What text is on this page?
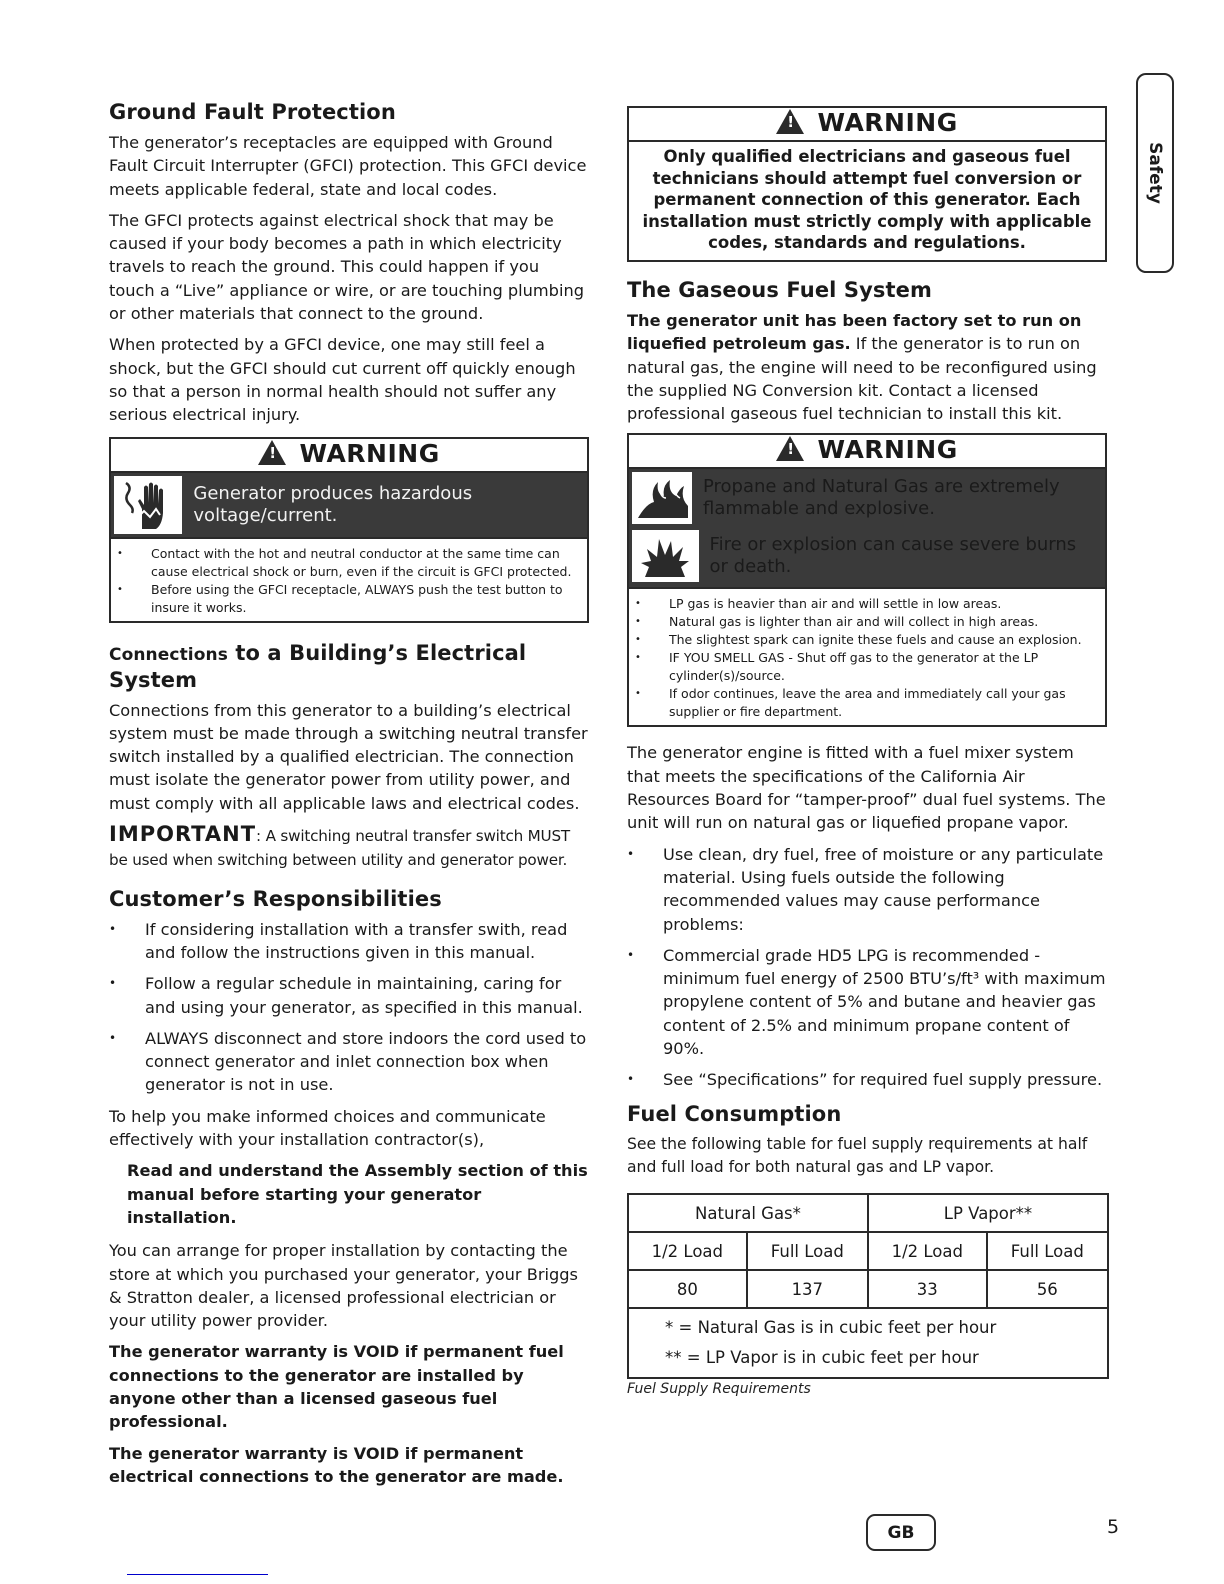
Safety
Ground Fault Protection

The generator’s receptacles are equipped with Ground Fault Circuit Interrupter (GFCI) protection. This GFCI device meets applicable federal, state and local codes.

The GFCI protects against electrical shock that may be caused if your body becomes a path in which electricity travels to reach the ground. This could happen if you touch a “Live” appliance or wire, or are touching plumbing or other materials that connect to the ground.

When protected by a GFCI device, one may still feel a shock, but the GFCI should cut current off quickly enough so that a person in normal health should not suffer any serious electrical injury.

! WARNING
Generator produces hazardous voltage/current.
• Contact with the hot and neutral conductor at the same time can cause electrical shock or burn, even if the circuit is GFCI protected.
• Before using the GFCI receptacle, ALWAYS push the test button to insure it works.
Connections to a Building’s Electrical System

Connections from this generator to a building’s electrical system must be made through a switching neutral transfer switch installed by a qualified electrician. The connection must isolate the generator power from utility power, and must comply with all applicable laws and electrical codes.

IMPORTANT: A switching neutral transfer switch MUST be used when switching between utility and generator power.

Customer’s Responsibilities
• If considering installation with a transfer swith, read and follow the instructions given in this manual.
• Follow a regular schedule in maintaining, caring for and using your generator, as specified in this manual.
• ALWAYS disconnect and store indoors the cord used to connect generator and inlet connection box when generator is not in use.

To help you make informed choices and communicate effectively with your installation contractor(s),

Read and understand the Assembly section of this manual before starting your generator installation.

You can arrange for proper installation by contacting the store at which you purchased your generator, your Briggs & Stratton dealer, a licensed professional electrician or your utility power provider.

The generator warranty is VOID if permanent fuel connections to the generator are installed by anyone other than a licensed gaseous fuel professional.

The generator warranty is VOID if permanent electrical connections to the generator are made.

! WARNING
Only qualified electricians and gaseous fuel technicians should attempt fuel conversion or permanent connection of this generator. Each installation must strictly comply with applicable codes, standards and regulations.
The Gaseous Fuel System

The generator unit has been factory set to run on liquefied petroleum gas. If the generator is to run on natural gas, the engine will need to be reconfigured using the supplied NG Conversion kit. Contact a licensed professional gaseous fuel technician to install this kit.

! WARNING
Propane and Natural Gas are extremely flammable and explosive.
Fire or explosion can cause severe burns or death.
• LP gas is heavier than air and will settle in low areas.
• Natural gas is lighter than air and will collect in high areas.
• The slightest spark can ignite these fuels and cause an explosion.
• IF YOU SMELL GAS - Shut off gas to the generator at the LP cylinder(s)/source.
• If odor continues, leave the area and immediately call your gas supplier or fire department.

The generator engine is fitted with a fuel mixer system that meets the specifications of the California Air Resources Board for “tamper-proof” dual fuel systems. The unit will run on natural gas or liquefied propane vapor.

• Use clean, dry fuel, free of moisture or any particulate material. Using fuels outside the following recommended values may cause performance problems:
• Commercial grade HD5 LPG is recommended - minimum fuel energy of 2500 BTU’s/ft³ with maximum propylene content of 5% and butane and heavier gas content of 2.5% and minimum propane content of 90%.
• See “Specifications” for required fuel supply pressure.
Fuel Consumption

See the following table for fuel supply requirements at half and full load for both natural gas and LP vapor.

Natural Gas*		LP Vapor**	
1/2 Load	Full Load	1/2 Load	Full Load
80	137	33	56

* = Natural Gas is in cubic feet per hour
** = LP Vapor is in cubic feet per hour			
Fuel Supply Requirements
GB	5
